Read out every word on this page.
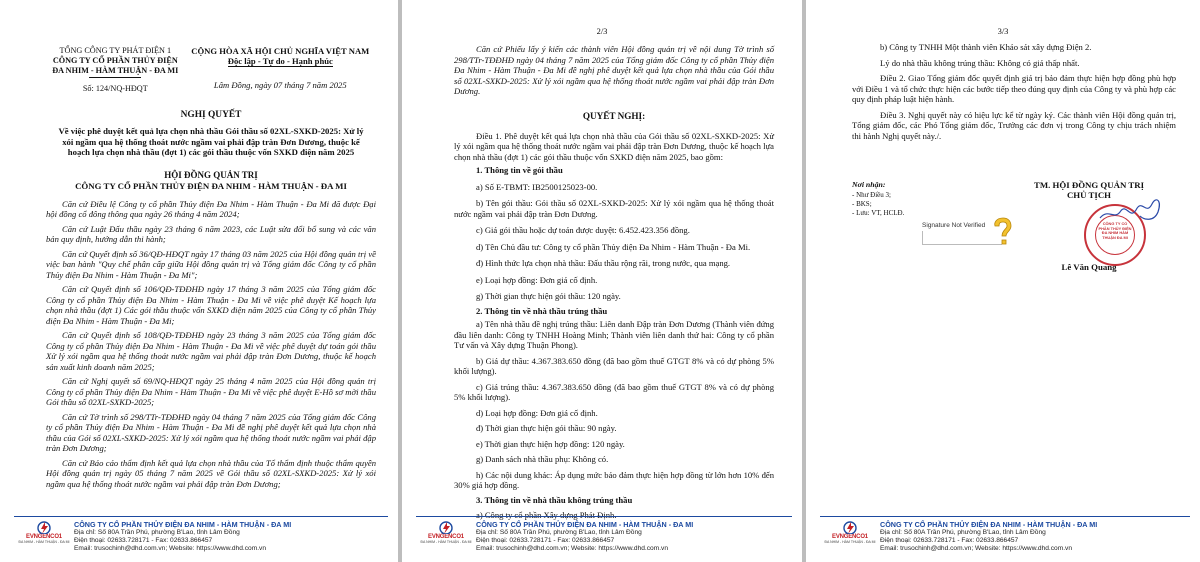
TỔNG CÔNG TY PHÁT ĐIỆN 1
CÔNG TY CỔ PHẦN THỦY ĐIỆN
ĐA NHIM - HÀM THUẬN - ĐA MI
Số: 124/NQ-HĐQT
CỘNG HÒA XÃ HỘI CHỦ NGHĨA VIỆT NAM
Độc lập - Tự do - Hạnh phúc
Lâm Đồng, ngày 07 tháng 7 năm 2025
NGHỊ QUYẾT
Về việc phê duyệt kết quả lựa chọn nhà thầu Gói thầu số 02XL-SXKD-2025: Xử lý xói ngầm qua hệ thống thoát nước ngầm vai phải đập tràn Đơn Dương, thuộc kế hoạch lựa chọn nhà thầu (đợt 1) các gói thầu thuộc vốn SXKD điện năm 2025
HỘI ĐỒNG QUẢN TRỊ
CÔNG TY CỔ PHẦN THỦY ĐIỆN ĐA NHIM - HÀM THUẬN - ĐA MI

Căn cứ Điều lệ Công ty cổ phần Thủy điện Đa Nhim - Hàm Thuận - Đa Mi đã được Đại hội đồng cổ đông thông qua ngày 26 tháng 4 năm 2024;

Căn cứ Luật Đấu thầu ngày 23 tháng 6 năm 2023, các Luật sửa đổi bổ sung và các văn bản quy định, hướng dẫn thi hành;

Căn cứ Quyết định số 36/QĐ-HĐQT ngày 17 tháng 03 năm 2025 của Hội đồng quản trị về việc ban hành "Quy chế phân cấp giữa Hội đồng quản trị và Tổng giám đốc Công ty cổ phần Thủy điện Đa Nhim - Hàm Thuận - Đa Mi";

Căn cứ Quyết định số 106/QĐ-TĐĐHĐ ngày 17 tháng 3 năm 2025 của Tổng giám đốc Công ty cổ phần Thủy điện Đa Nhim - Hàm Thuận - Đa Mi về việc phê duyệt Kế hoạch lựa chọn nhà thầu (đợt 1) Các gói thầu thuộc vốn SXKD điện năm 2025 của Công ty cổ phần Thủy điện Đa Nhim - Hàm Thuận - Đa Mi;

Căn cứ Quyết định số 108/QĐ-TĐĐHĐ ngày 23 tháng 3 năm 2025 của Tổng giám đốc Công ty cổ phần Thủy điện Đa Nhim - Hàm Thuận - Đa Mi về việc phê duyệt dự toán gói thầu Xử lý xói ngầm qua hệ thống thoát nước ngầm vai phải đập tràn Đơn Dương, thuộc kế hoạch sản xuất kinh doanh năm 2025;

Căn cứ Nghị quyết số 69/NQ-HĐQT ngày 25 tháng 4 năm 2025 của Hội đồng quản trị Công ty cổ phần Thủy điện Đa Nhim - Hàm Thuận - Đa Mi về việc phê duyệt E-Hồ sơ mời thầu Gói thầu số 02XL-SXKD-2025;

Căn cứ Tờ trình số 298/TTr-TĐĐHĐ ngày 04 tháng 7 năm 2025 của Tổng giám đốc Công ty cổ phần Thủy điện Đa Nhim - Hàm Thuận - Đa Mi đề nghị phê duyệt kết quả lựa chọn nhà thầu của Gói số 02XL-SXKD-2025: Xử lý xói ngầm qua hệ thống thoát nước ngầm vai phải đập tràn Đơn Dương;

Căn cứ Báo cáo thẩm định kết quả lựa chọn nhà thầu của Tổ thẩm định thuộc thẩm quyền Hội đồng quản trị ngày 05 tháng 7 năm 2025 về Gói thầu số 02XL-SXKD-2025: Xử lý xói ngầm qua hệ thống thoát nước ngầm vai phải đập tràn Đơn Dương;

EVNGENCO1
ĐA NHIM - HÀM THUẬN - ĐA MI
CÔNG TY CỔ PHẦN THỦY ĐIỆN ĐA NHIM - HÀM THUẬN - ĐA MI
Địa chỉ: Số 80A Trần Phú, phường B'Lao, tỉnh Lâm Đồng
Điện thoại: 02633.728171 - Fax: 02633.866457
Email: trusochinh@dhd.com.vn; Website: https://www.dhd.com.vn
2/3

Căn cứ Phiếu lấy ý kiến các thành viên Hội đồng quản trị về nội dung Tờ trình số 298/TTr-TĐĐHĐ ngày 04 tháng 7 năm 2025 của Tổng giám đốc Công ty cổ phần Thủy điện Đa Nhim - Hàm Thuận - Đa Mi đề nghị phê duyệt kết quả lựa chọn nhà thầu của Gói thầu số 02XL-SXKD-2025: Xử lý xói ngầm qua hệ thống thoát nước ngầm vai phải đập tràn Đơn Dương.

QUYẾT NGHỊ:

Điều 1. Phê duyệt kết quả lựa chọn nhà thầu của Gói thầu số 02XL-SXKD-2025: Xử lý xói ngầm qua hệ thống thoát nước ngầm vai phải đập tràn Đơn Dương, thuộc kế hoạch lựa chọn nhà thầu (đợt 1) các gói thầu thuộc vốn SXKD điện năm 2025, bao gồm:

1. Thông tin về gói thầu

a) Số E-TBMT: IB2500125023-00.

b) Tên gói thầu: Gói thầu số 02XL-SXKD-2025: Xử lý xói ngầm qua hệ thống thoát nước ngầm vai phải đập tràn Đơn Dương.

c) Giá gói thầu hoặc dự toán được duyệt: 6.452.423.356 đồng.

d) Tên Chủ đầu tư: Công ty cổ phần Thủy điện Đa Nhim - Hàm Thuận - Đa Mi.

đ) Hình thức lựa chọn nhà thầu: Đấu thầu rộng rãi, trong nước, qua mạng.

e) Loại hợp đồng: Đơn giá cố định.

g) Thời gian thực hiện gói thầu: 120 ngày.

2. Thông tin về nhà thầu trúng thầu

a) Tên nhà thầu đề nghị trúng thầu: Liên danh Đập tràn Đơn Dương (Thành viên đứng đầu liên danh: Công ty TNHH Hoàng Minh; Thành viên liên danh thứ hai: Công ty cổ phần Tư vấn và Xây dựng Thuận Phong).

b) Giá dự thầu: 4.367.383.650 đồng (đã bao gồm thuế GTGT 8% và có dự phòng 5% khối lượng).

c) Giá trúng thầu: 4.367.383.650 đồng (đã bao gồm thuế GTGT 8% và có dự phòng 5% khối lượng).

d) Loại hợp đồng: Đơn giá cố định.

đ) Thời gian thực hiện gói thầu: 90 ngày.

e) Thời gian thực hiện hợp đồng: 120 ngày.

g) Danh sách nhà thầu phụ: Không có.

h) Các nội dung khác: Áp dụng mức bảo đảm thực hiện hợp đồng từ lớn hơn 10% đến 30% giá hợp đồng.

3. Thông tin về nhà thầu không trúng thầu

a) Công ty cổ phần Xây dựng Phát Định.

EVNGENCO1
ĐA NHIM - HÀM THUẬN - ĐA MI
CÔNG TY CỔ PHẦN THỦY ĐIỆN ĐA NHIM - HÀM THUẬN - ĐA MI
Địa chỉ: Số 80A Trần Phú, phường B'Lao, tỉnh Lâm Đồng
Điện thoại: 02633.728171 - Fax: 02633.866457
Email: trusochinh@dhd.com.vn; Website: https://www.dhd.com.vn
3/3

b) Công ty TNHH Một thành viên Khảo sát xây dựng Điện 2.

Lý do nhà thầu không trúng thầu: Không có giá thấp nhất.

Điều 2. Giao Tổng giám đốc quyết định giá trị bảo đảm thực hiện hợp đồng phù hợp với Điều 1 và tổ chức thực hiện các bước tiếp theo đúng quy định của Công ty và phù hợp các quy định pháp luật hiện hành.

Điều 3. Nghị quyết này có hiệu lực kể từ ngày ký. Các thành viên Hội đồng quản trị, Tổng giám đốc, các Phó Tổng giám đốc, Trưởng các đơn vị trong Công ty chịu trách nhiệm thi hành Nghị quyết này./.

Nơi nhận:
- Như Điều 3;
- BKS;
- Lưu: VT, HCLĐ.
TM. HỘI ĐỒNG QUẢN TRỊ
CHỦ TỊCH
CÔNG TY CỔ PHẦN THỦY ĐIỆN ĐA NHIM HÀM THUẬN ĐA MI
Signature Not Verified
Lê Văn Quang
EVNGENCO1
ĐA NHIM - HÀM THUẬN - ĐA MI
CÔNG TY CỔ PHẦN THỦY ĐIỆN ĐA NHIM - HÀM THUẬN - ĐA MI
Địa chỉ: Số 80A Trần Phú, phường B'Lao, tỉnh Lâm Đồng
Điện thoại: 02633.728171 - Fax: 02633.866457
Email: trusochinh@dhd.com.vn; Website: https://www.dhd.com.vn
